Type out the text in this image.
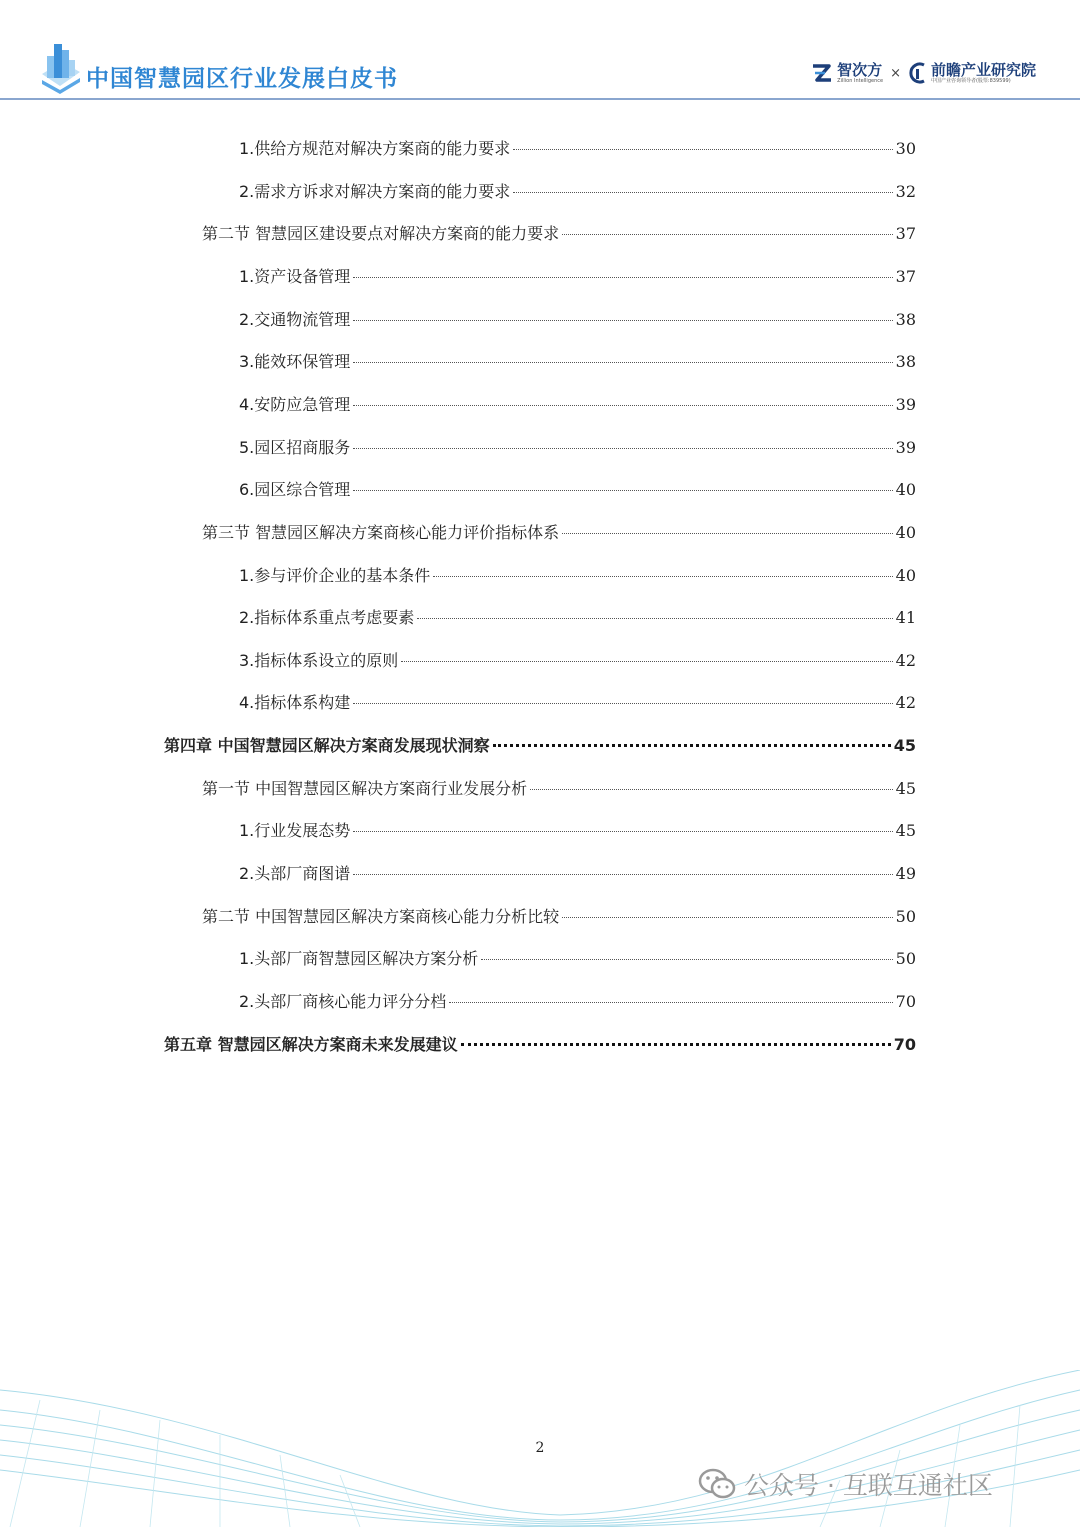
中国智慧园区行业发展白皮书	智次方
Zillion Intelligence
× 前瞻产业研究院
中国产业咨询领导者(股票:839599)
1.供给方规范对解决方案商的能力要求	30
2.需求方诉求对解决方案商的能力要求	32
第二节 智慧园区建设要点对解决方案商的能力要求	37
1.资产设备管理	37
2.交通物流管理	38
3.能效环保管理	38
4.安防应急管理	39
5.园区招商服务	39
6.园区综合管理	40
第三节 智慧园区解决方案商核心能力评价指标体系	40
1.参与评价企业的基本条件	40
2.指标体系重点考虑要素	41
3.指标体系设立的原则	42
4.指标体系构建	42
第四章 中国智慧园区解决方案商发展现状洞察	45
第一节 中国智慧园区解决方案商行业发展分析	45
1.行业发展态势	45
2.头部厂商图谱	49
第二节 中国智慧园区解决方案商核心能力分析比较	50
1.头部厂商智慧园区解决方案分析	50
2.头部厂商核心能力评分分档	70
第五章 智慧园区解决方案商未来发展建议	70
2
公众号 · 互联互通社区
